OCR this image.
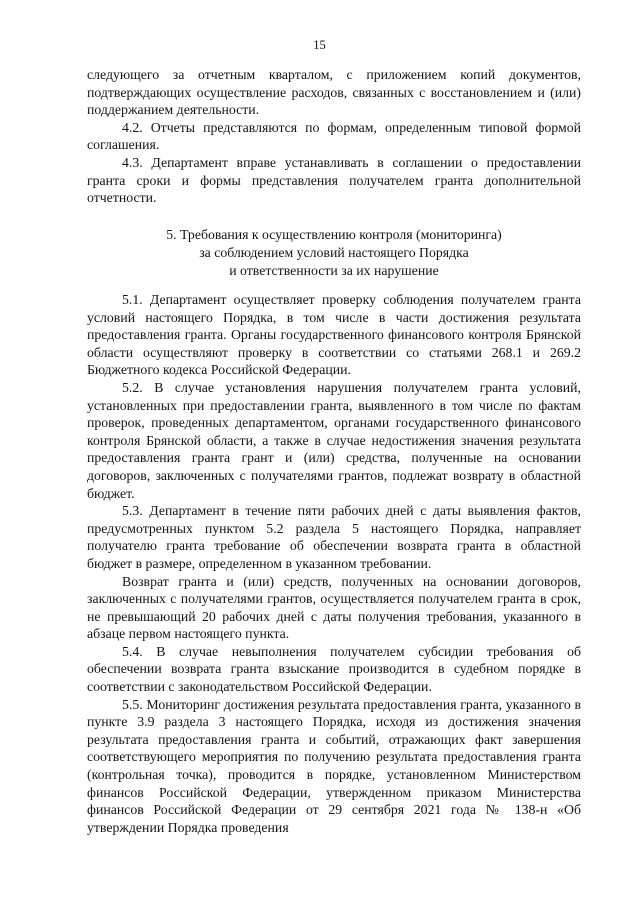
15

следующего за отчетным кварталом, с приложением копий документов, подтверждающих осуществление расходов, связанных с восстановлением и (или) поддержанием деятельности.

4.2. Отчеты представляются по формам, определенным типовой формой соглашения.

4.3. Департамент вправе устанавливать в соглашении о предоставлении гранта сроки и формы представления получателем гранта дополнительной отчетности.

5. Требования к осуществлению контроля (мониторинга)
за соблюдением условий настоящего Порядка
и ответственности за их нарушение

5.1. Департамент осуществляет проверку соблюдения получателем гранта условий настоящего Порядка, в том числе в части достижения результата предоставления гранта. Органы государственного финансового контроля Брянской области осуществляют проверку в соответствии со статьями 268.1 и 269.2 Бюджетного кодекса Российской Федерации.

5.2. В случае установления нарушения получателем гранта условий, установленных при предоставлении гранта, выявленного в том числе по фактам проверок, проведенных департаментом, органами государственного финансового контроля Брянской области, а также в случае недостижения значения результата предоставления гранта грант и (или) средства, полученные на основании договоров, заключенных с получателями грантов, подлежат возврату в областной бюджет.

5.3. Департамент в течение пяти рабочих дней с даты выявления фактов, предусмотренных пунктом 5.2 раздела 5 настоящего Порядка, направляет получателю гранта требование об обеспечении возврата гранта в областной бюджет в размере, определенном в указанном требовании.

Возврат гранта и (или) средств, полученных на основании договоров, заключенных с получателями грантов, осуществляется получателем гранта в срок, не превышающий 20 рабочих дней с даты получения требования, указанного в абзаце первом настоящего пункта.

5.4. В случае невыполнения получателем субсидии требования об обеспечении возврата гранта взыскание производится в судебном порядке в соответствии с законодательством Российской Федерации.

5.5. Мониторинг достижения результата предоставления гранта, указанного в пункте 3.9 раздела 3 настоящего Порядка, исходя из достижения значения результата предоставления гранта и событий, отражающих факт завершения соответствующего мероприятия по получению результата предоставления гранта (контрольная точка), проводится в порядке, установленном Министерством финансов Российской Федерации, утвержденном приказом Министерства финансов Российской Федерации от 29 сентября 2021 года № 138-н «Об утверждении Порядка проведения
